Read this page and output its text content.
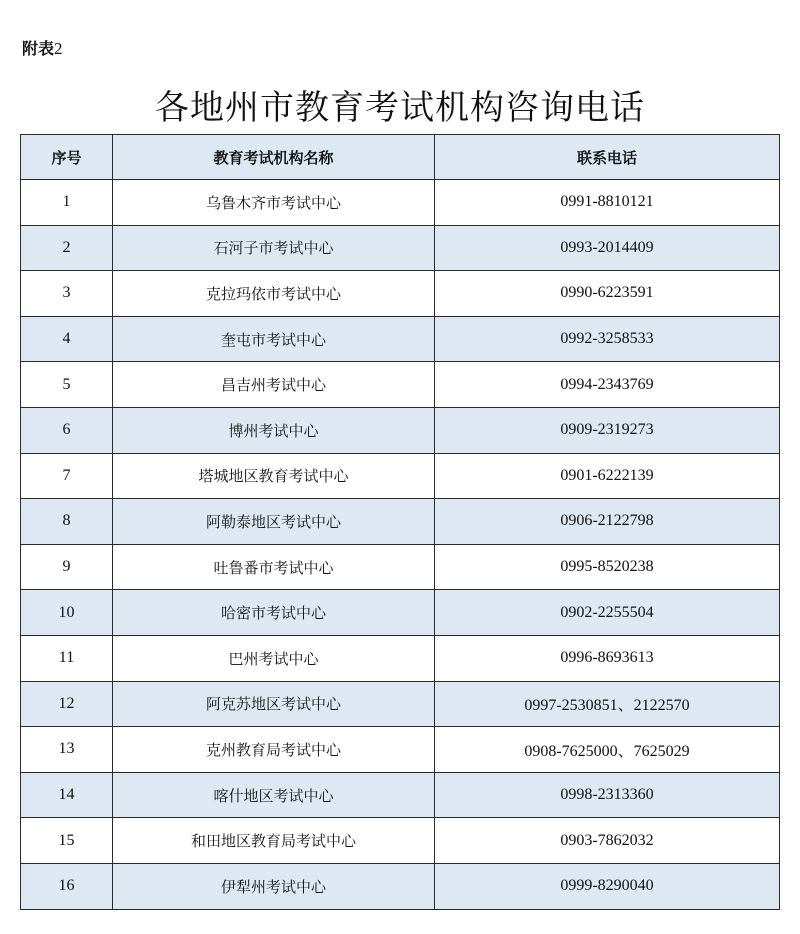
附表2
各地州市教育考试机构咨询电话
序号	教育考试机构名称	联系电话
1	乌鲁木齐市考试中心	0991-8810121
2	石河子市考试中心	0993-2014409
3	克拉玛依市考试中心	0990-6223591
4	奎屯市考试中心	0992-3258533
5	昌吉州考试中心	0994-2343769
6	博州考试中心	0909-2319273
7	塔城地区教育考试中心	0901-6222139
8	阿勒泰地区考试中心	0906-2122798
9	吐鲁番市考试中心	0995-8520238
10	哈密市考试中心	0902-2255504
11	巴州考试中心	0996-8693613
12	阿克苏地区考试中心	0997-2530851、2122570
13	克州教育局考试中心	0908-7625000、7625029
14	喀什地区考试中心	0998-2313360
15	和田地区教育局考试中心	0903-7862032
16	伊犁州考试中心	0999-8290040
